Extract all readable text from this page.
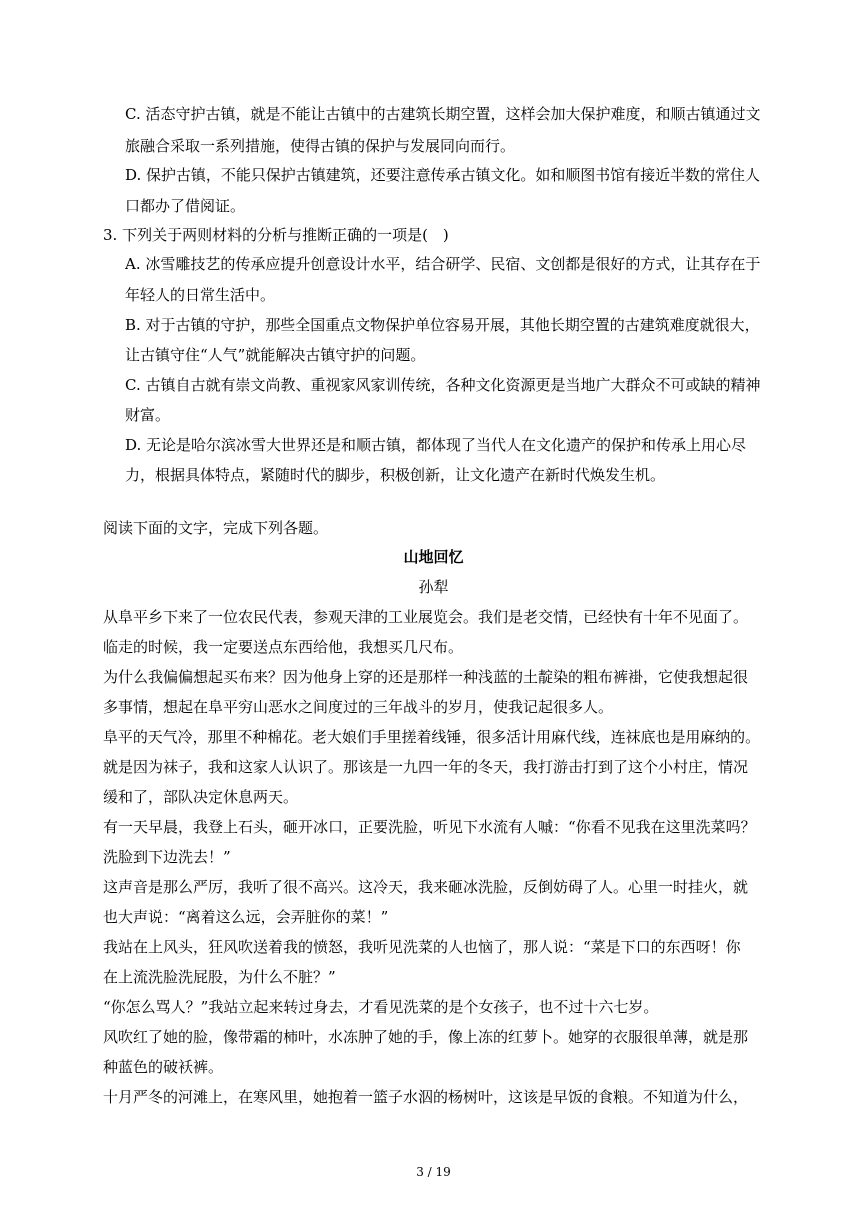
C. 活态守护古镇，就是不能让古镇中的古建筑长期空置，这样会加大保护难度，和顺古镇通过文
旅融合采取一系列措施，使得古镇的保护与发展同向而行。
D. 保护古镇，不能只保护古镇建筑，还要注意传承古镇文化。如和顺图书馆有接近半数的常住人
口都办了借阅证。
3. 下列关于两则材料的分析与推断正确的一项是(　)
A. 冰雪雕技艺的传承应提升创意设计水平，结合研学、民宿、文创都是很好的方式，让其存在于
年轻人的日常生活中。
B. 对于古镇的守护，那些全国重点文物保护单位容易开展，其他长期空置的古建筑难度就很大，
让古镇守住“人气”就能解决古镇守护的问题。
C. 古镇自古就有崇文尚教、重视家风家训传统，各种文化资源更是当地广大群众不可或缺的精神
财富。
D. 无论是哈尔滨冰雪大世界还是和顺古镇，都体现了当代人在文化遗产的保护和传承上用心尽
力，根据具体特点，紧随时代的脚步，积极创新，让文化遗产在新时代焕发生机。
阅读下面的文字，完成下列各题。
山地回忆
孙犁
从阜平乡下来了一位农民代表，参观天津的工业展览会。我们是老交情，已经快有十年不见面了。
临走的时候，我一定要送点东西给他，我想买几尺布。
为什么我偏偏想起买布来？因为他身上穿的还是那样一种浅蓝的土靛染的粗布裤褂，它使我想起很
多事情，想起在阜平穷山恶水之间度过的三年战斗的岁月，使我记起很多人。
阜平的天气冷，那里不种棉花。老大娘们手里搓着线锤，很多活计用麻代线，连袜底也是用麻纳的。
就是因为袜子，我和这家人认识了。那该是一九四一年的冬天，我打游击打到了这个小村庄，情况
缓和了，部队决定休息两天。
有一天早晨，我登上石头，砸开冰口，正要洗脸，听见下水流有人嘁：“你看不见我在这里洗菜吗？
洗脸到下边洗去！”
这声音是那么严厉，我听了很不高兴。这冷天，我来砸冰洗脸，反倒妨碍了人。心里一时挂火，就
也大声说：“离着这么远，会弄脏你的菜！”
我站在上风头，狂风吹送着我的愤怒，我听见洗菜的人也恼了，那人说：“菜是下口的东西呀！你
在上流洗脸洗屁股，为什么不脏？”
“你怎么骂人？”我站立起来转过身去，才看见洗菜的是个女孩子，也不过十六七岁。
风吹红了她的脸，像带霜的柿叶，水冻肿了她的手，像上冻的红萝卜。她穿的衣服很单薄，就是那
种蓝色的破袄裤。
十月严冬的河滩上，在寒风里，她抱着一篮子水泅的杨树叶，这该是早饭的食粮。不知道为什么，
3 / 19
